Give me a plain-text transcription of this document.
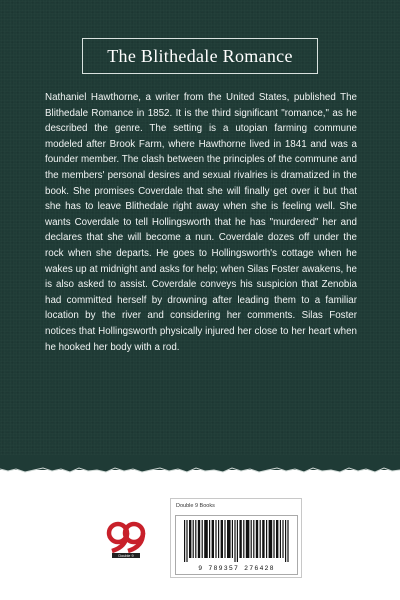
The Blithedale Romance

Nathaniel Hawthorne, a writer from the United States, published The Blithedale Romance in 1852. It is the third significant "romance," as he described the genre. The setting is a utopian farming commune modeled after Brook Farm, where Hawthorne lived in 1841 and was a founder member. The clash between the principles of the commune and the members' personal desires and sexual rivalries is dramatized in the book. She promises Coverdale that she will finally get over it but that she has to leave Blithedale right away when she is feeling well. She wants Coverdale to tell Hollingsworth that he has "murdered" her and declares that she will become a nun. Coverdale dozes off under the rock when she departs. He goes to Hollingsworth's cottage when he wakes up at midnight and asks for help; when Silas Foster awakens, he is also asked to assist. Coverdale conveys his suspicion that Zenobia had committed herself by drowning after leading them to a familiar location by the river and considering her comments. Silas Foster notices that Hollingsworth physically injured her close to her heart when he hooked her body with a rod.

Double 9
Double 9 Books
9 789357 276428
